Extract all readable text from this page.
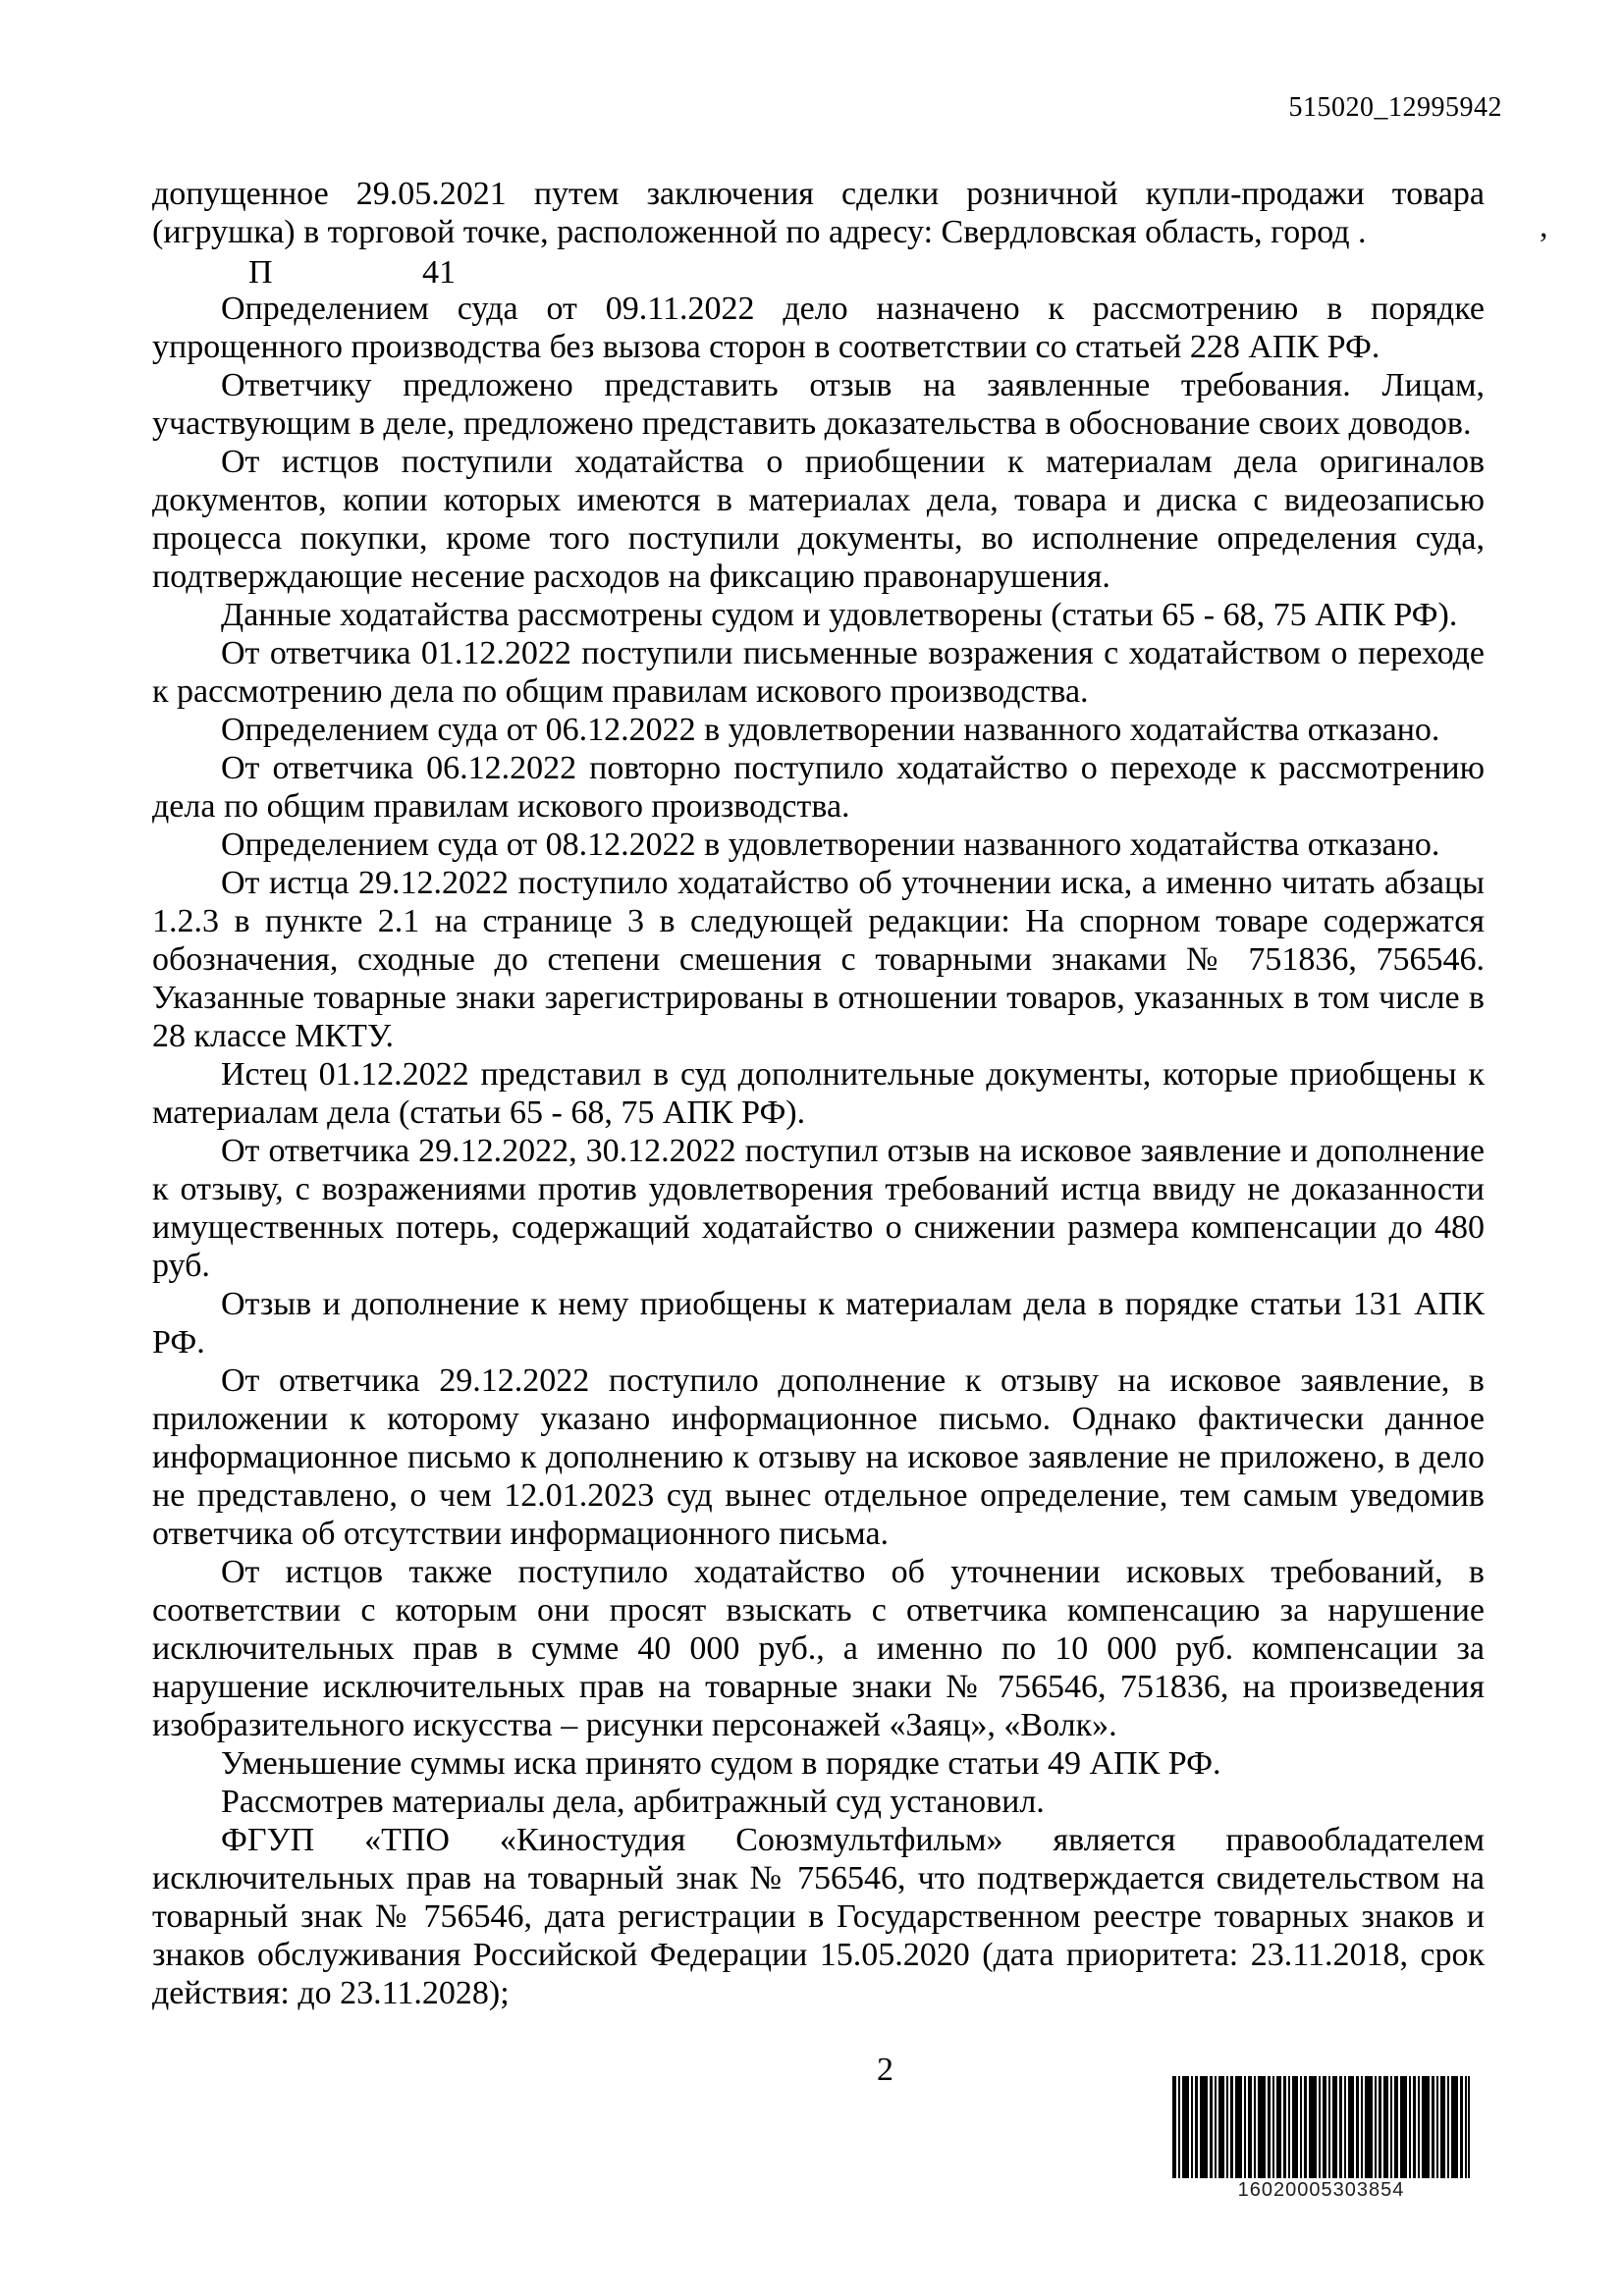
515020_12995942
допущенное 29.05.2021 путем заключения сделки розничной купли-продажи товара
(игрушка) в торговой точке, расположенной по адресу: Свердловская область, город .
П	41

Определением суда от 09.11.2022 дело назначено к рассмотрению в порядке упрощенного производства без вызова сторон в соответствии со статьей 228 АПК РФ.

Ответчику предложено представить отзыв на заявленные требования. Лицам, участвующим в деле, предложено представить доказательства в обоснование своих доводов.

От истцов поступили ходатайства о приобщении к материалам дела оригиналов документов, копии которых имеются в материалах дела, товара и диска с видеозаписью процесса покупки, кроме того поступили документы, во исполнение определения суда, подтверждающие несение расходов на фиксацию правонарушения.

Данные ходатайства рассмотрены судом и удовлетворены (статьи 65 - 68, 75 АПК РФ).

От ответчика 01.12.2022 поступили письменные возражения с ходатайством о переходе к рассмотрению дела по общим правилам искового производства.

Определением суда от 06.12.2022 в удовлетворении названного ходатайства отказано.

От ответчика 06.12.2022 повторно поступило ходатайство о переходе к рассмотрению дела по общим правилам искового производства.

Определением суда от 08.12.2022 в удовлетворении названного ходатайства отказано.

От истца 29.12.2022 поступило ходатайство об уточнении иска, а именно читать абзацы 1.2.3 в пункте 2.1 на странице 3 в следующей редакции: На спорном товаре содержатся обозначения, сходные до степени смешения с товарными знаками № 751836, 756546. Указанные товарные знаки зарегистрированы в отношении товаров, указанных в том числе в 28 классе МКТУ.

Истец 01.12.2022 представил в суд дополнительные документы, которые приобщены к материалам дела (статьи 65 - 68, 75 АПК РФ).

От ответчика 29.12.2022, 30.12.2022 поступил отзыв на исковое заявление и дополнение к отзыву, с возражениями против удовлетворения требований истца ввиду не доказанности имущественных потерь, содержащий ходатайство о снижении размера компенсации до 480 руб.

Отзыв и дополнение к нему приобщены к материалам дела в порядке статьи 131 АПК РФ.

От ответчика 29.12.2022 поступило дополнение к отзыву на исковое заявление, в приложении к которому указано информационное письмо. Однако фактически данное информационное письмо к дополнению к отзыву на исковое заявление не приложено, в дело не представлено, о чем 12.01.2023 суд вынес отдельное определение, тем самым уведомив ответчика об отсутствии информационного письма.

От истцов также поступило ходатайство об уточнении исковых требований, в соответствии с которым они просят взыскать с ответчика компенсацию за нарушение исключительных прав в сумме 40 000 руб., а именно по 10 000 руб. компенсации за нарушение исключительных прав на товарные знаки № 756546, 751836, на произведения изобразительного искусства – рисунки персонажей «Заяц», «Волк».

Уменьшение суммы иска принято судом в порядке статьи 49 АПК РФ.

Рассмотрев материалы дела, арбитражный суд установил.

ФГУП «ТПО «Киностудия Союзмультфильм» является правообладателем исключительных прав на товарный знак № 756546, что подтверждается свидетельством на товарный знак № 756546, дата регистрации в Государственном реестре товарных знаков и знаков обслуживания Российской Федерации 15.05.2020 (дата приоритета: 23.11.2018, срок действия: до 23.11.2028);

,
2
16020005303854
